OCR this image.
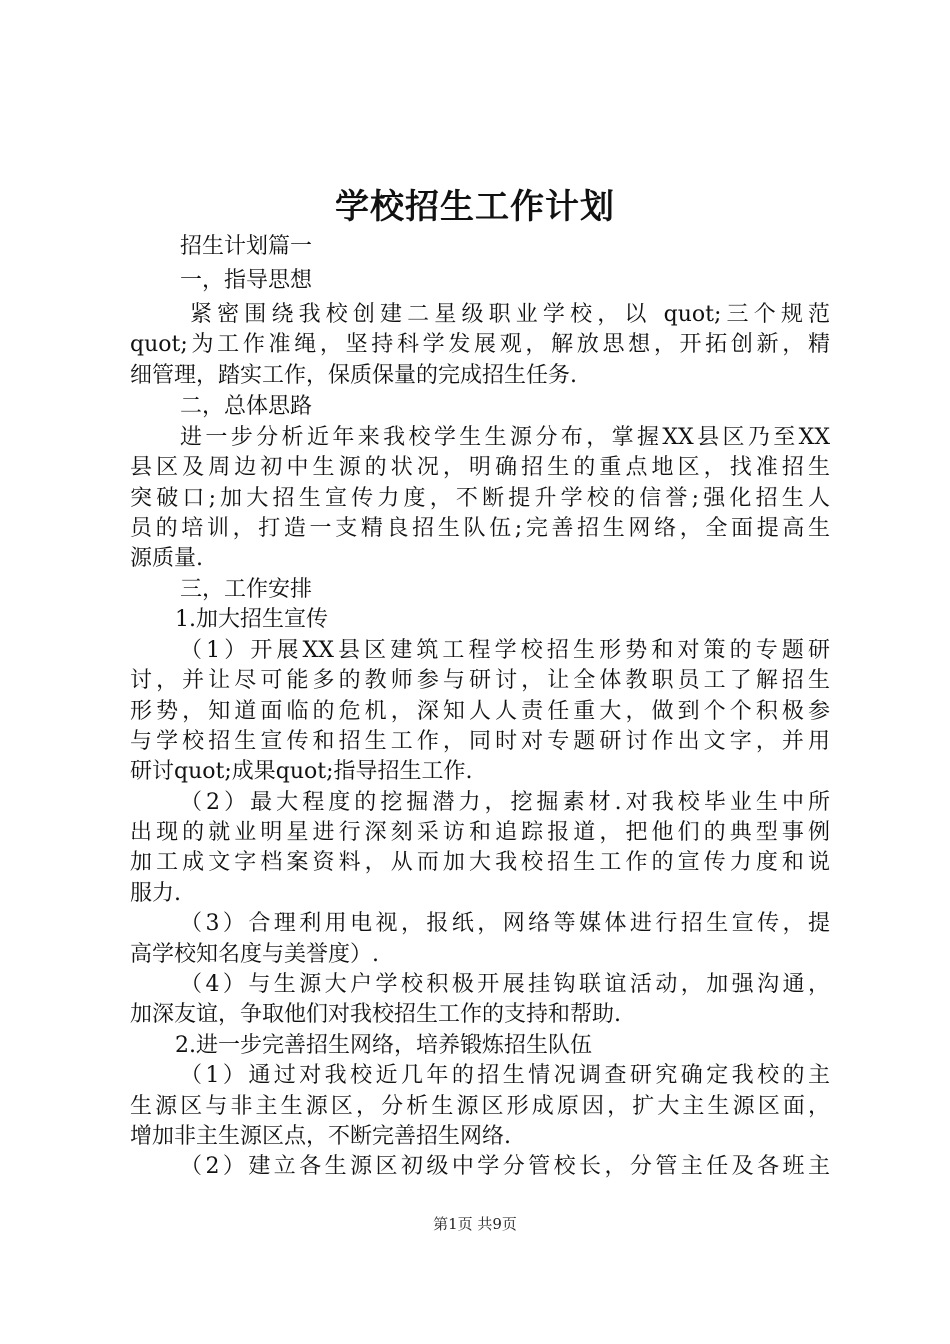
学校招生工作计划
招生计划篇一
一，指导思想
紧密围绕我校创建二星级职业学校，以 quot;三个规范
quot;为工作准绳，坚持科学发展观，解放思想，开拓创新，精
细管理，踏实工作，保质保量的完成招生任务.
二，总体思路
进一步分析近年来我校学生生源分布，掌握XX县区乃至XX
县区及周边初中生源的状况，明确招生的重点地区，找准招生
突破口;加大招生宣传力度，不断提升学校的信誉;强化招生人
员的培训，打造一支精良招生队伍;完善招生网络，全面提高生
源质量.
三，工作安排
1.加大招生宣传
（1）开展XX县区建筑工程学校招生形势和对策的专题研
讨，并让尽可能多的教师参与研讨，让全体教职员工了解招生
形势，知道面临的危机，深知人人责任重大，做到个个积极参
与学校招生宣传和招生工作，同时对专题研讨作出文字，并用
研讨quot;成果quot;指导招生工作.
（2）最大程度的挖掘潜力，挖掘素材.对我校毕业生中所
出现的就业明星进行深刻采访和追踪报道，把他们的典型事例
加工成文字档案资料，从而加大我校招生工作的宣传力度和说
服力.
（3）合理利用电视，报纸，网络等媒体进行招生宣传，提
高学校知名度与美誉度）.
（4）与生源大户学校积极开展挂钩联谊活动，加强沟通，
加深友谊，争取他们对我校招生工作的支持和帮助.
2.进一步完善招生网络，培养锻炼招生队伍
（1）通过对我校近几年的招生情况调查研究确定我校的主
生源区与非主生源区，分析生源区形成原因，扩大主生源区面，
增加非主生源区点，不断完善招生网络.
（2）建立各生源区初级中学分管校长，分管主任及各班主
第1页 共9页
